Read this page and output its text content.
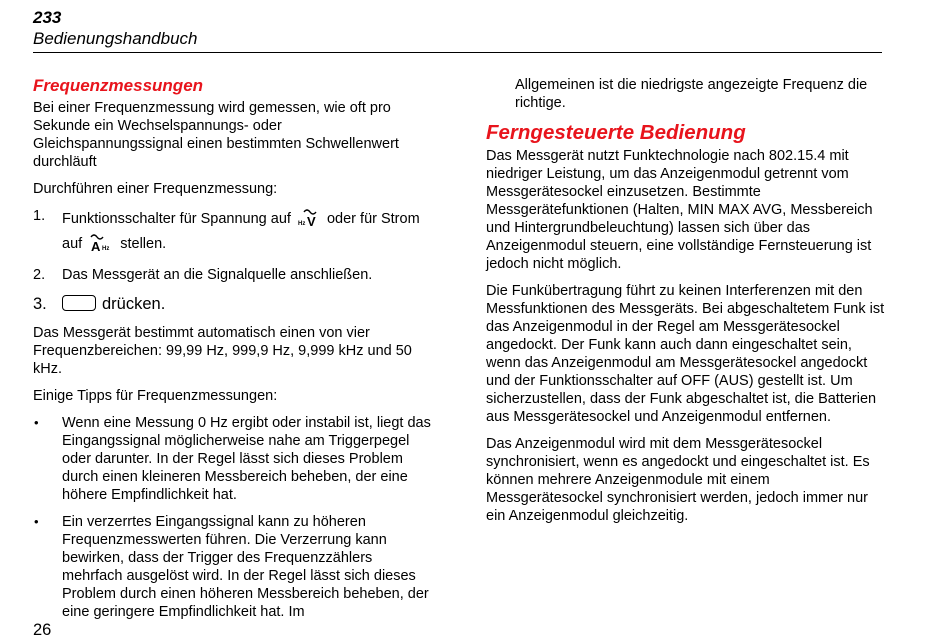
233
Bedienungshandbuch
Frequenzmessungen

Bei einer Frequenzmessung wird gemessen, wie oft pro Sekunde ein Wechselspannungs- oder Gleichspannungssignal einen bestimmten Schwellenwert durchläuft

Durchführen einer Frequenzmessung:

1. Funktionsschalter für Spannung auf Hz V oder für Strom auf A Hz stellen.
2. Das Messgerät an die Signalquelle anschließen.
3.	drücken.

Das Messgerät bestimmt automatisch einen von vier Frequenzbereichen: 99,99 Hz, 999,9 Hz, 9,999 kHz und 50 kHz.

Einige Tipps für Frequenzmessungen:

• Wenn eine Messung 0 Hz ergibt oder instabil ist, liegt das Eingangssignal möglicherweise nahe am Triggerpegel oder darunter. In der Regel lässt sich dieses Problem durch einen kleineren Messbereich beheben, der eine höhere Empfindlichkeit hat.
• Ein verzerrtes Eingangssignal kann zu höheren Frequenzmesswerten führen. Die Verzerrung kann bewirken, dass der Trigger des Frequenzzählers mehrfach ausgelöst wird. In der Regel lässt sich dieses Problem durch einen höheren Messbereich beheben, der eine geringere Empfindlichkeit hat. Im

Allgemeinen ist die niedrigste angezeigte Frequenz die richtige.

Ferngesteuerte Bedienung

Das Messgerät nutzt Funktechnologie nach 802.15.4 mit niedriger Leistung, um das Anzeigenmodul getrennt vom Messgerätesockel einzusetzen. Bestimmte Messgerätefunktionen (Halten, MIN MAX AVG, Messbereich und Hintergrundbeleuchtung) lassen sich über das Anzeigenmodul steuern, eine vollständige Fernsteuerung ist jedoch nicht möglich.

Die Funkübertragung führt zu keinen Interferenzen mit den Messfunktionen des Messgeräts. Bei abgeschaltetem Funk ist das Anzeigenmodul in der Regel am Messgerätesockel angedockt. Der Funk kann auch dann eingeschaltet sein, wenn das Anzeigenmodul am Messgerätesockel angedockt und der Funktionsschalter auf OFF (AUS) gestellt ist. Um sicherzustellen, dass der Funk abgeschaltet ist, die Batterien aus Messgerätesockel und Anzeigenmodul entfernen.

Das Anzeigenmodul wird mit dem Messgerätesockel synchronisiert, wenn es angedockt und eingeschaltet ist. Es können mehrere Anzeigenmodule mit einem Messgerätesockel synchronisiert werden, jedoch immer nur ein Anzeigenmodul gleichzeitig.

26
